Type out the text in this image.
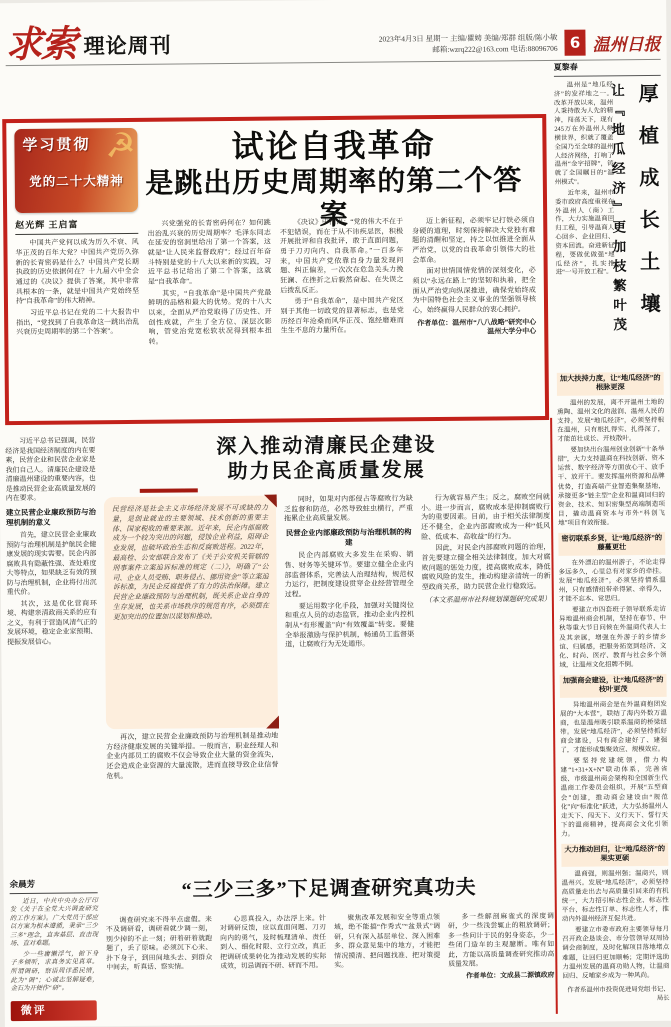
求索 理论周刊	2023年4月3日 星期一 主编/瞿娉 美编/郑群 组版/陈小敏
邮箱:wzrq222@163.com 电话:88096706 6 温州日报
试论自我革命
是跳出历史周期率的第二个答案
☭
学习贯彻
党的二十大精神
赵光辉 王启富

中国共产党何以成为历久不衰、风华正茂的百年大党？中国共产党历久弥新的长青密码是什么？中国共产党长期执政的历史依据何在？十九届六中全会通过的《决议》提供了答案，其中非常具根本的一条，就是中国共产党始终坚持“自我革命”的伟大精神。

习近平总书记在党的二十大报告中指出，“党找到了自我革命这一跳出治乱兴衰历史周期率的第二个答案”。

兴党强党的长青密码何在？如何跳出治乱兴衰的历史周期率？毛泽东同志在延安的窑洞里给出了第一个答案，这就是“让人民来监督政府”；经过百年奋斗特别是党的十八大以来新的实践，习近平总书记给出了第二个答案，这就是“自我革命”。

其实，“自我革命”是中国共产党最鲜明的品格和最大的优势。党的十八大以来，全面从严治党取得了历史性、开创性成就，产生了全方位、深层次影响，管党治党宽松软状况得到根本扭转。

《决议》中指出：“党的伟大不在于不犯错误，而在于从不讳疾忌医，积极开展批评和自我批评，敢于直面问题，勇于刀刃向内、自我革命。”一百多年来，中国共产党依靠自身力量发现问题、纠正偏差，一次次在危急关头力挽狂澜、在挫折之后毅然奋起、在失误之后拨乱反正。

勇于“自我革命”，是中国共产党区别于其他一切政党的显著标志，也是党历经百年沧桑而风华正茂、饱经磨难而生生不息的力量所在。

迈上新征程，必须牢记打铁必须自身硬的道理，时刻保持解决大党独有难题的清醒和坚定，持之以恒推进全面从严治党，以党的自我革命引领伟大的社会革命。

面对世情国情党情的深刻变化，必须以“永远在路上”的坚韧和执着，把全面从严治党向纵深推进，确保党始终成为中国特色社会主义事业的坚强领导核心，始终赢得人民群众的衷心拥护。

作者单位：温州市“八八战略”研究中心温州大学分中心

习近平总书记强调，民营经济是我国经济制度的内在要素，民营企业和民营企业家是我们自己人。清廉民企建设是清廉温州建设的重要内容，也是推动民营企业高质量发展的内在要求。

建立民营企业廉政预防与治理机制的意义

首先，建立民营企业廉政预防与治理机制是护航民企健康发展的现实需要。民企内部腐败具有隐蔽性强、查处难度大等特点，如果缺乏有效的预防与治理机制，企业将付出沉重代价。

其次，这是优化营商环境、构建亲清政商关系的应有之义，有利于营造风清气正的发展环境，稳定企业家预期、提振发展信心。

深入推动清廉民企建设
助力民企高质量发展
民营经济是社会主义市场经济发展不可或缺的力量，是创业就业的主要领域、技术创新的重要主体、国家税收的重要来源。近年来，民企内部腐败成为一个较为突出的问题，侵蚀企业利益，阻碍企业发展，也破坏政治生态和反腐败进程。2022年，最高检、公安部联合发布了《关于公安机关管辖的刑事案件立案追诉标准的规定（二）》，明确了“公司、企业人员受贿、职务侵占、挪用资金”等立案追诉标准，为民企反腐提供了有力的法治保障。建立民营企业廉政预防与治理机制，既关系企业自身的生存发展，也关系市场秩序的规范有序，必须摆在更加突出的位置加以谋划和推动。

再次，建立民营企业廉政预防与治理机制是推动地方经济健康发展的关键举措。一般而言，职业经理人和企业内部员工的腐败不仅会导致企业大量的资金流失，还会造成企业资源的大量流散，进而直接导致企业信誉危机。

同时，如果对内部侵占等腐败行为缺乏监督和防范，必然导致蛀虫横行，严重拖累企业高质量发展。

民营企业内部廉政预防与治理机制的构建

民企内部腐败大多发生在采购、销售、财务等关键环节。要建立健全企业内部监督体系，完善法人治理结构，规范权力运行，把制度建设贯穿企业经营管理全过程。

要运用数字化手段，加强对关键岗位和重点人员的动态监管，推动企业内控机制从“有形覆盖”向“有效覆盖”转变。要健全举报激励与保护机制，畅通员工监督渠道，让腐败行为无处遁形。

行为就容易产生；反之，腐败空间就小。进一步而言，腐败成本是抑制腐败行为的重要因素。目前，由于相关法律制度还不健全，企业内部腐败成为一种“低风险、低成本、高收益”的行为。

因此，对民企内部腐败问题的治理，首先要建立健全相关法律制度，加大对腐败问题的惩处力度，提高腐败成本，降低腐败风险的发生，推动构建亲清统一的新型政商关系，助力民营企业行稳致远。

（本文系温州市社科规划课题研究成果）

“三少三多”下足调查研究真功夫
余晨芳

近日，中共中央办公厅印发《关于在全党大兴调查研究的工作方案》。广大党员干部应以方案为根本遵循，秉承“三少三多”理念，直奔基层、直击现场、直对难题。

少一些庸懒浮气，俯下身子多倾听，求真务实见真章。所谓调研，察语周详悉民情，此为“调”；心诚志坚解疑难，金石为开便作“研”。

微评

调查研究来不得半点虚假。来不及调研看，调研看就少调一刻，别少掉的不止一刻；研着研着就跑题了，丢了原味。必须沉下心来、扑下身子，到田间地头去、到群众中间去，听真话、察实情。

心思真投入，办法浮上来。针对调研反馈，应以直面问题、刀刃向内的勇气，及时梳理清单、责任到人、细化时限、立行立改，真正把调研成果转化为推动发展的实际成效，切忌调而不研、研而不用。

聚焦改革发展和安全等重点领域，绝不能搞“作秀式”“盆景式”调研，只有深入基层单位、深入困难多、群众意见集中的地方，才能把情况摸清、把问题找准、把对策提实。

多一些解剖麻雀式的深度调研，少一些浅尝辄止的粗放调研；多一些问计于民的躬身姿态，少一些闭门造车的主观臆断。唯有如此，方能以高质量调查研究推动高质量发展。

作者单位：文成县二源镇政府

夏黎春
厚植成长土壤
让『地瓜经济』更加枝繁叶茂

温州是“地瓜经济”的发祥地之一。改革开放以来，温州人秉持敢为人先的精神，闯荡天下，现有245万在外温州人纵横世界，织就了覆盖全国乃至全球的温州人经济网络，打响了温州“金字招牌”，铸就了全国瞩目的“温州模式”。

近年来，温州市委市政府高度重视在外温州人（商）工作，大力实施温商回归工程，引导温商人心回乡、企业回归、资本回流。奋进新征程，要做优做强“地瓜经济”，扎实推进“一号开放工程”。

加大扶持力度，让“地瓜经济”的根脉更深

温州的发展，离不开温州土地的熏陶、温州文化的滋润、温州人民的支持。发展“地瓜经济”，必须坚持根在温州，只有根扎得实、扎得深了，才能茁壮成长、开枝散叶。

要加快出台温州创业创新“十条举措”，大力支持温商在科技创新、资本运营、数字经济等方面放心干、放手干、放开干。要发挥温州资源和品牌优势，打造高端产业智造集聚基地，承接更多“链主型”企业和温商回归的资金、技术、知识密集型高端制造项目，撬动温商资本与市外“科创飞地”项目有效衔接。

密切联系乡贤，让“地瓜经济”的藤蔓更壮

在外漂泊的温州游子，不论走得多远多久，心里总有对家乡的牵挂。发展“地瓜经济”，必须坚持情系温州，只有感情纽带牵得紧、牵得久，才能不忘本、常思归。

要建立市四套班子领导联系走访异地温州商会机制，坚持在春节、中秋等重大节日问候在外温商代表人士及其亲属，增强在外游子的乡情乡谊、归属感，把服务拓宽到经济、文化、时尚、医疗、教育与社会多个领域，让温州文化招牌不倒。

加强商会建设，让“地瓜经济”的枝叶更茂

异地温州商会是在外温商抱团发展的“大本营”，联结了海内外数万温商，也是温州吸引联系温商的桥梁纽带。发展“地瓜经济”，必须坚持抓好商会建设，只有商会建好了、建强了，才能形成集聚效应、规模效应。

要坚持党建统领，借力构建“1+31+X+N”联动体系，完善省级、市级温州商会架构和全国新生代温商工作委员会组织，开展“五型商会”创建，推动商会建设由“规范化”向“标准化”跃进，大力弘扬温州人走天下、闯天下、义行天下、誓行天下的温商精神，提高商会文化引领力。

大力推动回归，让“地瓜经济”的果实更硕

温商强，则温州强；温商兴，则温州兴。发展“地瓜经济”，必须坚持高质量走出去与高质量引回来的有机统一，大力招引标志性企业、标志性平台、标志性订单、标志性人才，推动内外温州经济互促共进。

要建立市委市政府主要领导每月召开政企恳谈会、市分管领导双周协调会商制度，及时化解项目落地堵点难题，让回归更加顺畅；定期评选助力温州发展的温商功勋人物，让温商回归、反哺家乡成为一种风尚。

作者系温州市投资促进局党组书记、局长
